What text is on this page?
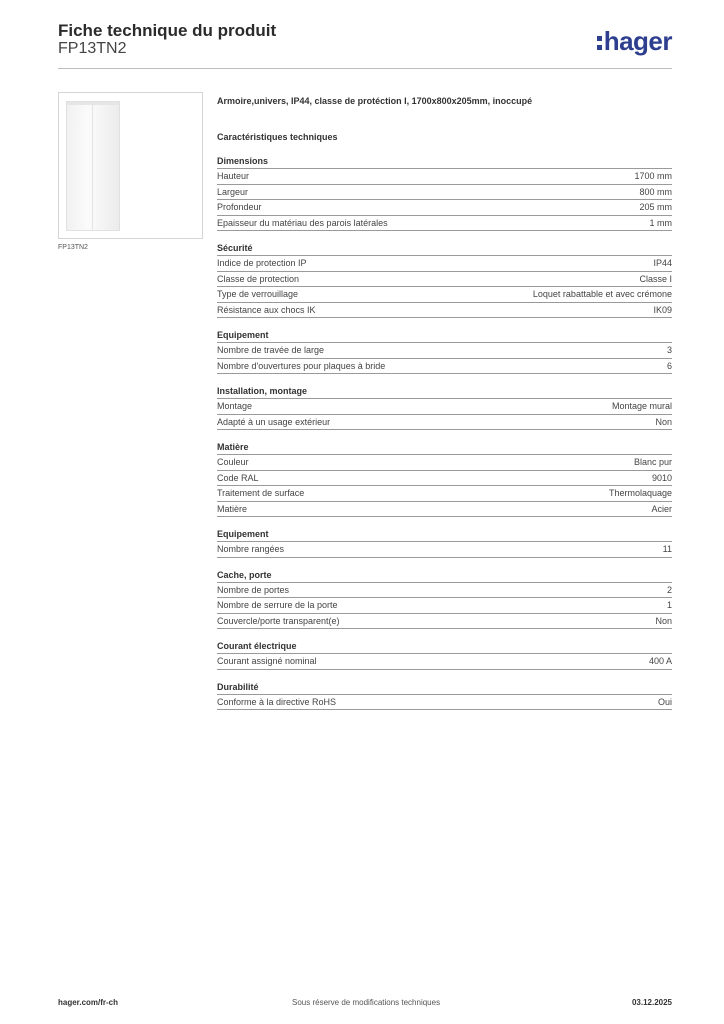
Fiche technique du produit
FP13TN2	hager
FP13TN2
Armoire,univers, IP44, classe de protéction I, 1700x800x205mm, inoccupé
Caractéristiques techniques
Dimensions
Hauteur	1700 mm
Largeur	800 mm
Profondeur	205 mm
Epaisseur du matériau des parois latérales	1 mm
Sécurité
Indice de protection IP	IP44
Classe de protection	Classe I
Type de verrouillage	Loquet rabattable et avec crémone
Résistance aux chocs IK	IK09
Equipement
Nombre de travée de large	3
Nombre d'ouvertures pour plaques à bride	6
Installation, montage
Montage	Montage mural
Adapté à un usage extérieur	Non
Matière
Couleur	Blanc pur
Code RAL	9010
Traitement de surface	Thermolaquage
Matière	Acier
Equipement
Nombre rangées	11
Cache, porte
Nombre de portes	2
Nombre de serrure de la porte	1
Couvercle/porte transparent(e)	Non
Courant électrique
Courant assigné nominal	400 A
Durabilité
Conforme à la directive RoHS	Oui
hager.com/fr-ch	Sous réserve de modifications techniques	03.12.2025
